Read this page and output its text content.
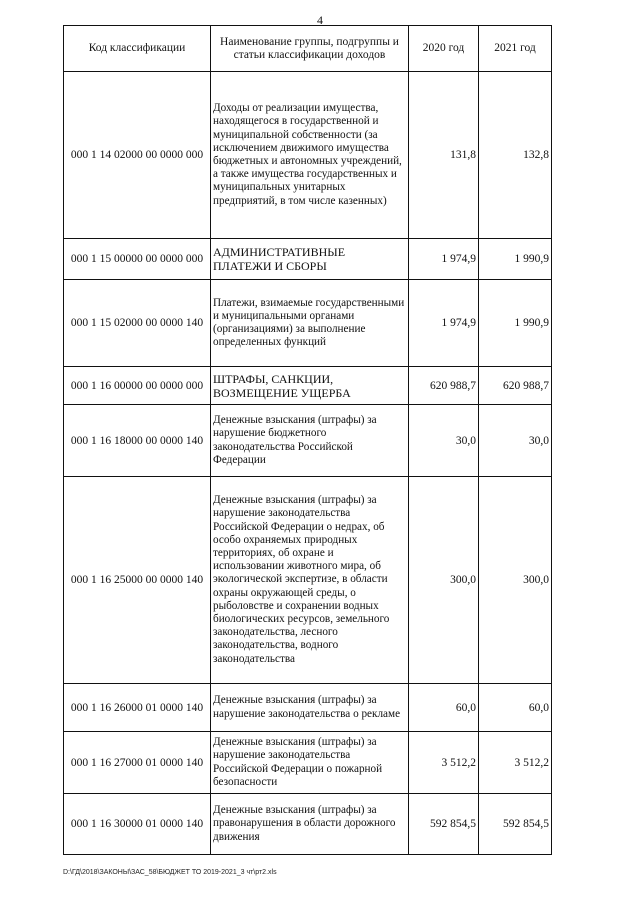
4
Код классификации	Наименование группы, подгруппы и статьи классификации доходов	2020 год	2021 год
000 1 14 02000 00 0000 000	Доходы от реализации имущества, находящегося в государственной и муниципальной собственности (за исключением движимого имущества бюджетных и автономных учреждений, а также имущества государственных и муниципальных унитарных предприятий, в том числе казенных)	131,8	132,8
000 1 15 00000 00 0000 000	АДМИНИСТРАТИВНЫЕ ПЛАТЕЖИ И СБОРЫ	1 974,9	1 990,9
000 1 15 02000 00 0000 140	Платежи, взимаемые государственными и муниципальными органами (организациями) за выполнение определенных функций	1 974,9	1 990,9
000 1 16 00000 00 0000 000	ШТРАФЫ, САНКЦИИ, ВОЗМЕЩЕНИЕ УЩЕРБА	620 988,7	620 988,7
000 1 16 18000 00 0000 140	Денежные взыскания (штрафы) за нарушение бюджетного законодательства Российской Федерации	30,0	30,0
000 1 16 25000 00 0000 140	Денежные взыскания (штрафы) за нарушение законодательства Российской Федерации о недрах, об особо охраняемых природных территориях, об охране и использовании животного мира, об экологической экспертизе, в области охраны окружающей среды, о рыболовстве и сохранении водных биологических ресурсов, земельного законодательства, лесного законодательства, водного законодательства	300,0	300,0
000 1 16 26000 01 0000 140	Денежные взыскания (штрафы) за нарушение законодательства о рекламе	60,0	60,0
000 1 16 27000 01 0000 140	Денежные взыскания (штрафы) за нарушение законодательства Российской Федерации о пожарной безопасности	3 512,2	3 512,2
000 1 16 30000 01 0000 140	Денежные взыскания (штрафы) за правонарушения в области дорожного движения	592 854,5	592 854,5
D:\ГД\2018\ЗАКОНЫ\ЗАС_58\БЮДЖЕТ ТО 2019-2021_3 чт\рт2.xls
